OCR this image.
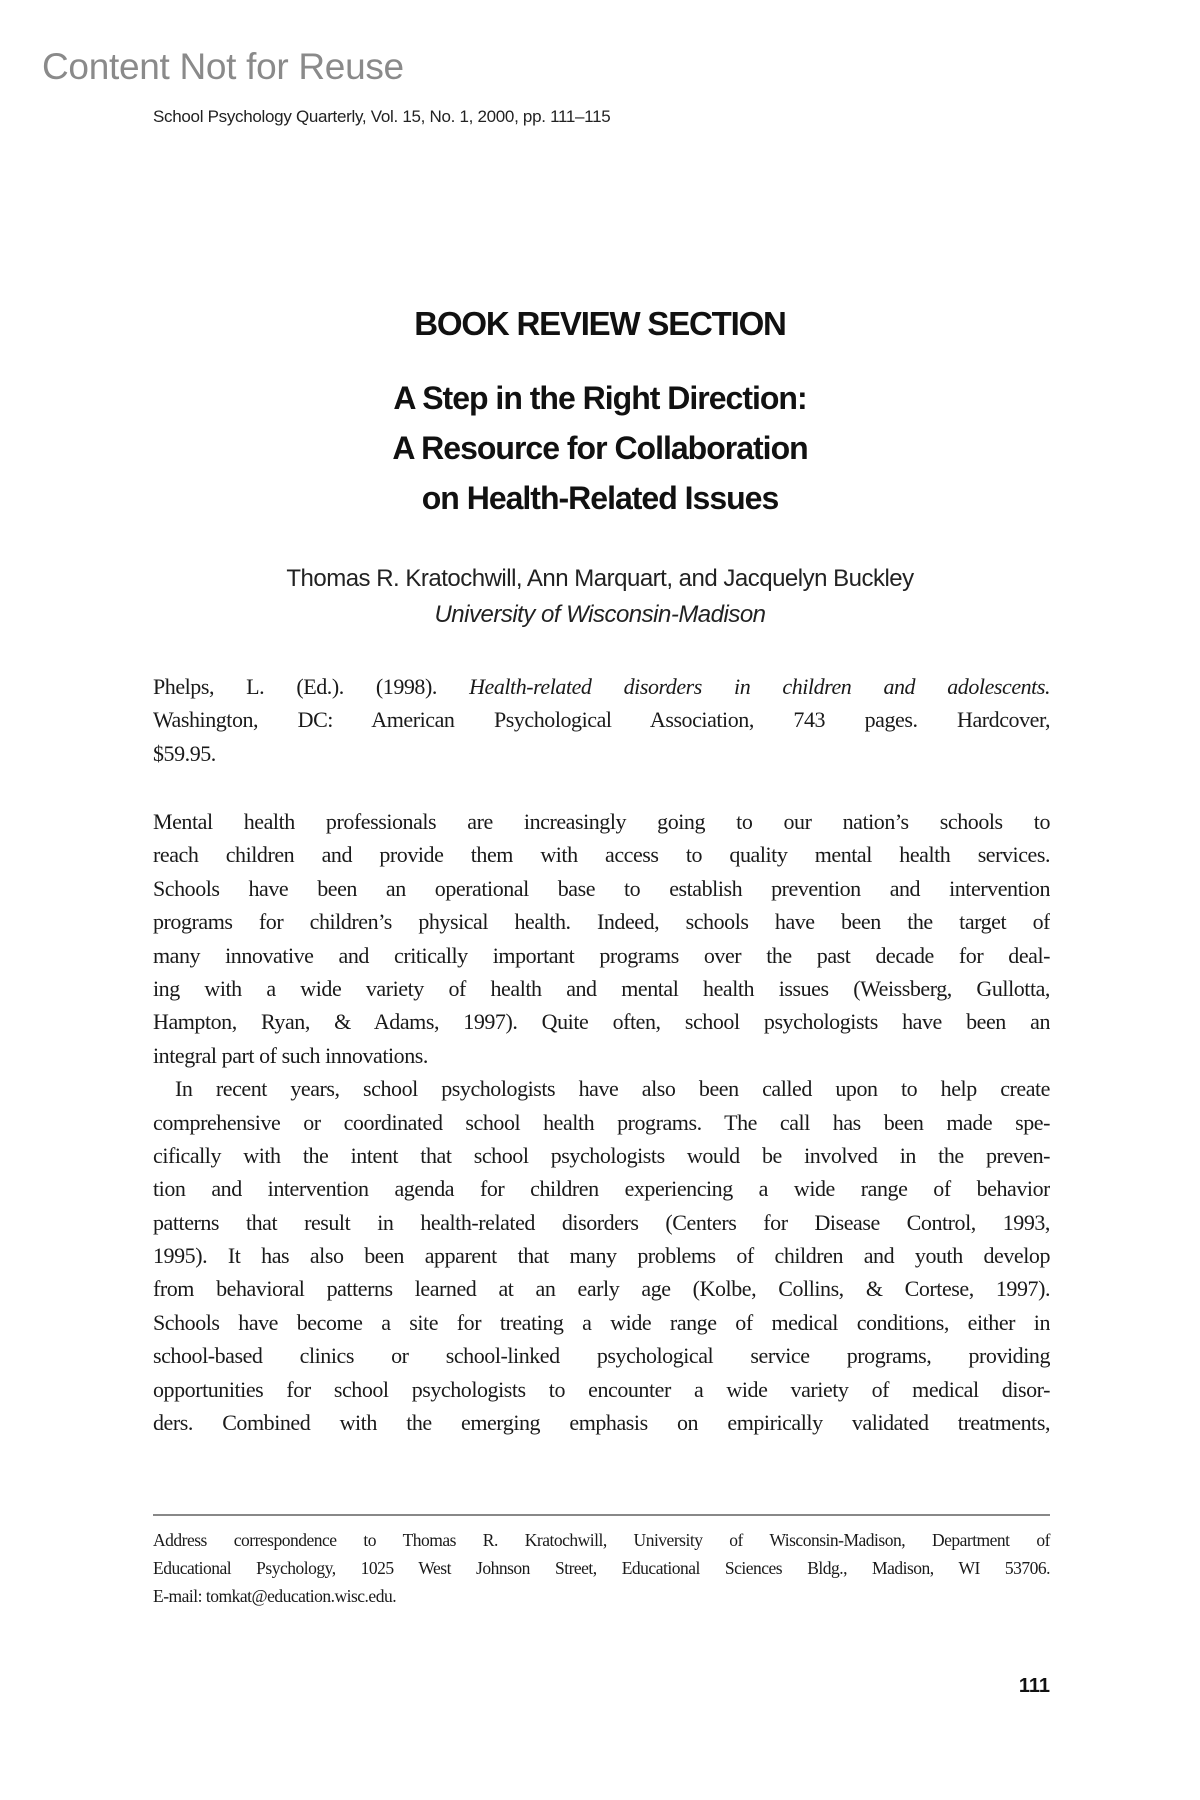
Content Not for Reuse
School Psychology Quarterly, Vol. 15, No. 1, 2000, pp. 111–115
BOOK REVIEW SECTION
A Step in the Right Direction:
A Resource for Collaboration
on Health-Related Issues
Thomas R. Kratochwill, Ann Marquart, and Jacquelyn Buckley
University of Wisconsin-Madison
Phelps, L. (Ed.). (1998). Health-related disorders in children and adolescents.
Washington, DC: American Psychological Association, 743 pages. Hardcover,
$59.95.
Mental health professionals are increasingly going to our nation’s schools to
reach children and provide them with access to quality mental health services.
Schools have been an operational base to establish prevention and intervention
programs for children’s physical health. Indeed, schools have been the target of
many innovative and critically important programs over the past decade for deal-
ing with a wide variety of health and mental health issues (Weissberg, Gullotta,
Hampton, Ryan, & Adams, 1997). Quite often, school psychologists have been an
integral part of such innovations.
In recent years, school psychologists have also been called upon to help create
comprehensive or coordinated school health programs. The call has been made spe-
cifically with the intent that school psychologists would be involved in the preven-
tion and intervention agenda for children experiencing a wide range of behavior
patterns that result in health-related disorders (Centers for Disease Control, 1993,
1995). It has also been apparent that many problems of children and youth develop
from behavioral patterns learned at an early age (Kolbe, Collins, & Cortese, 1997).
Schools have become a site for treating a wide range of medical conditions, either in
school-based clinics or school-linked psychological service programs, providing
opportunities for school psychologists to encounter a wide variety of medical disor-
ders. Combined with the emerging emphasis on empirically validated treatments,
Address correspondence to Thomas R. Kratochwill, University of Wisconsin-Madison, Department of
Educational Psychology, 1025 West Johnson Street, Educational Sciences Bldg., Madison, WI 53706.
E-mail: tomkat@education.wisc.edu.
111
